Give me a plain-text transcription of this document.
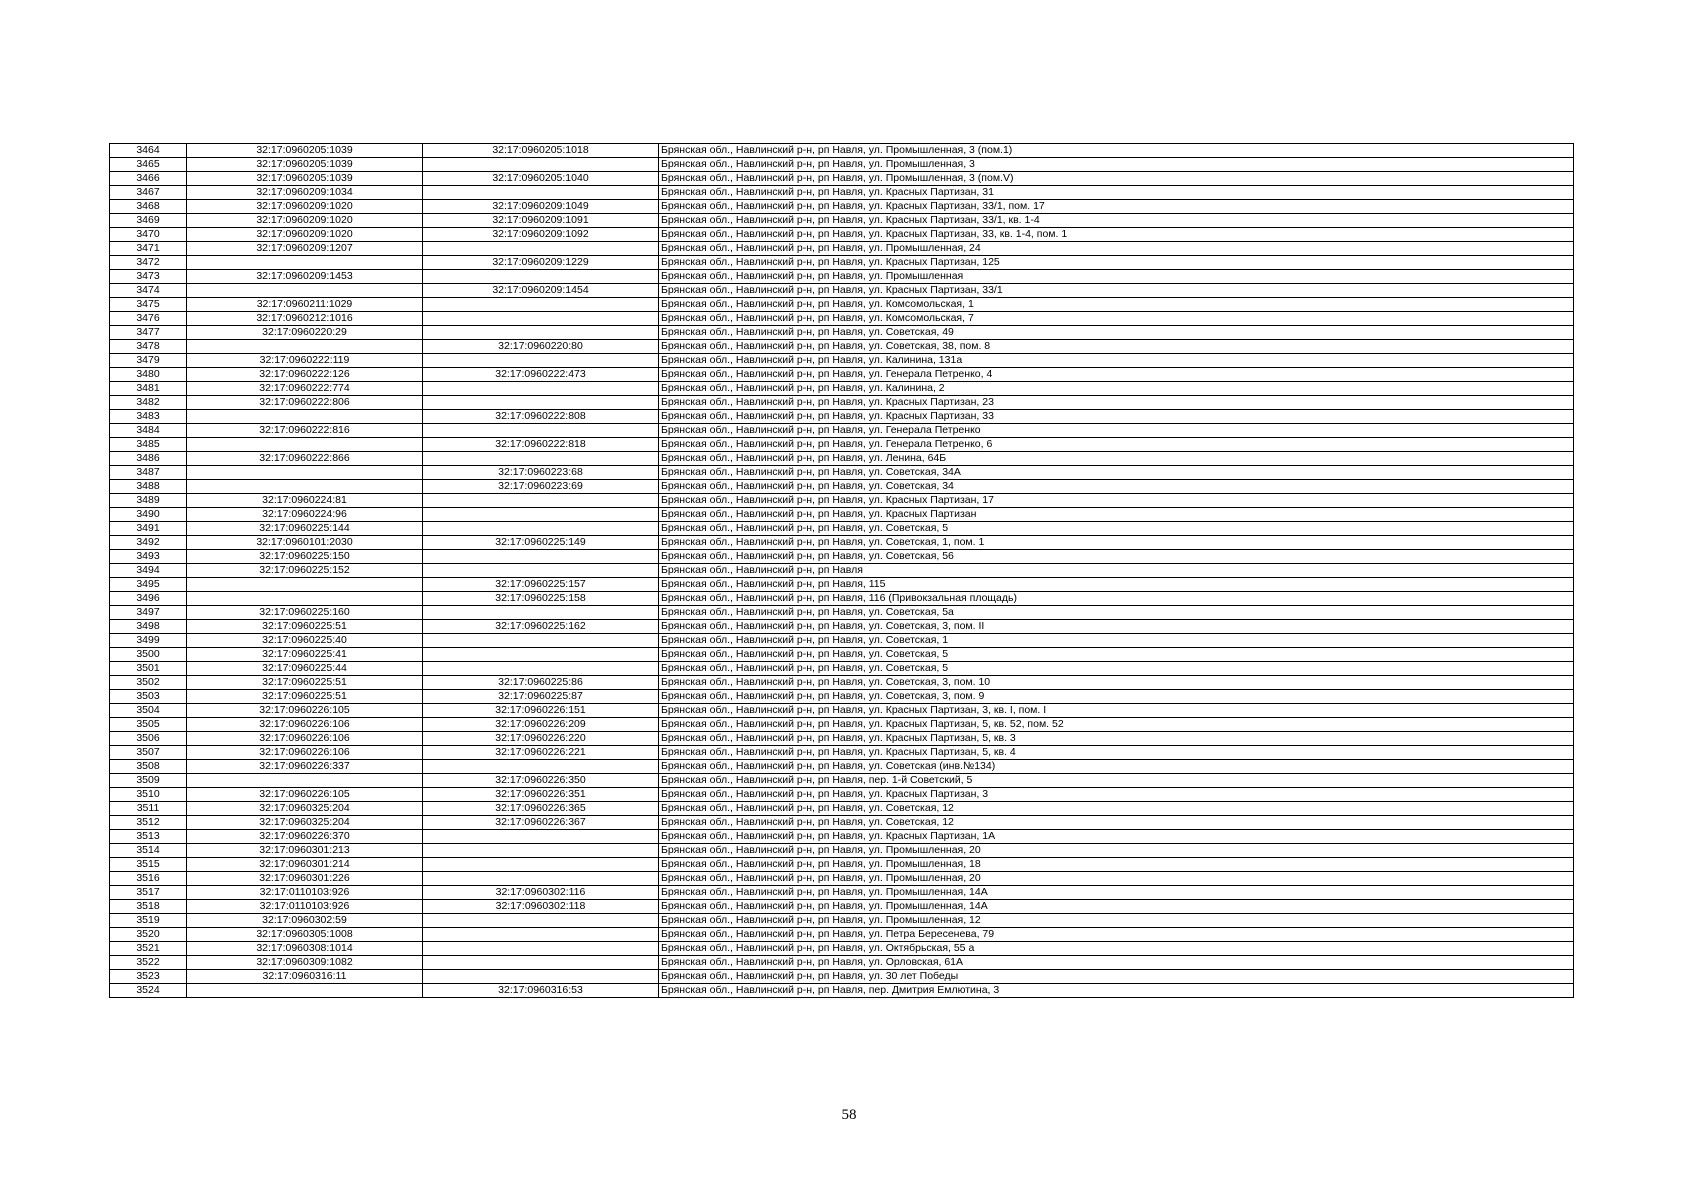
3464	32:17:0960205:1039	32:17:0960205:1018	Брянская обл., Навлинский р-н, рп Навля, ул. Промышленная, 3 (пом.1)
3465	32:17:0960205:1039		Брянская обл., Навлинский р-н, рп Навля, ул. Промышленная, 3
3466	32:17:0960205:1039	32:17:0960205:1040	Брянская обл., Навлинский р-н, рп Навля, ул. Промышленная, 3 (пом.V)
3467	32:17:0960209:1034		Брянская обл., Навлинский р-н, рп Навля, ул. Красных Партизан, 31
3468	32:17:0960209:1020	32:17:0960209:1049	Брянская обл., Навлинский р-н, рп Навля, ул. Красных Партизан, 33/1, пом. 17
3469	32:17:0960209:1020	32:17:0960209:1091	Брянская обл., Навлинский р-н, рп Навля, ул. Красных Партизан, 33/1, кв. 1-4
3470	32:17:0960209:1020	32:17:0960209:1092	Брянская обл., Навлинский р-н, рп Навля, ул. Красных Партизан, 33, кв. 1-4, пом. 1
3471	32:17:0960209:1207		Брянская обл., Навлинский р-н, рп Навля, ул. Промышленная, 24
3472		32:17:0960209:1229	Брянская обл., Навлинский р-н, рп Навля, ул. Красных Партизан, 125
3473	32:17:0960209:1453		Брянская обл., Навлинский р-н, рп Навля, ул. Промышленная
3474		32:17:0960209:1454	Брянская обл., Навлинский р-н, рп Навля, ул. Красных Партизан, 33/1
3475	32:17:0960211:1029		Брянская обл., Навлинский р-н, рп Навля, ул. Комсомольская, 1
3476	32:17:0960212:1016		Брянская обл., Навлинский р-н, рп Навля, ул. Комсомольская, 7
3477	32:17:0960220:29		Брянская обл., Навлинский р-н, рп Навля, ул. Советская, 49
3478		32:17:0960220:80	Брянская обл., Навлинский р-н, рп Навля, ул. Советская, 38, пом. 8
3479	32:17:0960222:119		Брянская обл., Навлинский р-н, рп Навля, ул. Калинина, 131а
3480	32:17:0960222:126	32:17:0960222:473	Брянская обл., Навлинский р-н, рп Навля, ул. Генерала Петренко, 4
3481	32:17:0960222:774		Брянская обл., Навлинский р-н, рп Навля, ул. Калинина, 2
3482	32:17:0960222:806		Брянская обл., Навлинский р-н, рп Навля, ул. Красных Партизан, 23
3483		32:17:0960222:808	Брянская обл., Навлинский р-н, рп Навля, ул. Красных Партизан, 33
3484	32:17:0960222:816		Брянская обл., Навлинский р-н, рп Навля, ул. Генерала Петренко
3485		32:17:0960222:818	Брянская обл., Навлинский р-н, рп Навля, ул. Генерала Петренко, 6
3486	32:17:0960222:866		Брянская обл., Навлинский р-н, рп Навля, ул. Ленина, 64Б
3487		32:17:0960223:68	Брянская обл., Навлинский р-н, рп Навля, ул. Советская, 34А
3488		32:17:0960223:69	Брянская обл., Навлинский р-н, рп Навля, ул. Советская, 34
3489	32:17:0960224:81		Брянская обл., Навлинский р-н, рп Навля, ул. Красных Партизан, 17
3490	32:17:0960224:96		Брянская обл., Навлинский р-н, рп Навля, ул. Красных Партизан
3491	32:17:0960225:144		Брянская обл., Навлинский р-н, рп Навля, ул. Советская, 5
3492	32:17:0960101:2030	32:17:0960225:149	Брянская обл., Навлинский р-н, рп Навля, ул. Советская, 1, пом. 1
3493	32:17:0960225:150		Брянская обл., Навлинский р-н, рп Навля, ул. Советская, 56
3494	32:17:0960225:152		Брянская обл., Навлинский р-н, рп Навля
3495		32:17:0960225:157	Брянская обл., Навлинский р-н, рп Навля, 115
3496		32:17:0960225:158	Брянская обл., Навлинский р-н, рп Навля, 116 (Привокзальная площадь)
3497	32:17:0960225:160		Брянская обл., Навлинский р-н, рп Навля, ул. Советская, 5а
3498	32:17:0960225:51	32:17:0960225:162	Брянская обл., Навлинский р-н, рп Навля, ул. Советская, 3, пом. II
3499	32:17:0960225:40		Брянская обл., Навлинский р-н, рп Навля, ул. Советская, 1
3500	32:17:0960225:41		Брянская обл., Навлинский р-н, рп Навля, ул. Советская, 5
3501	32:17:0960225:44		Брянская обл., Навлинский р-н, рп Навля, ул. Советская, 5
3502	32:17:0960225:51	32:17:0960225:86	Брянская обл., Навлинский р-н, рп Навля, ул. Советская, 3, пом. 10
3503	32:17:0960225:51	32:17:0960225:87	Брянская обл., Навлинский р-н, рп Навля, ул. Советская, 3, пом. 9
3504	32:17:0960226:105	32:17:0960226:151	Брянская обл., Навлинский р-н, рп Навля, ул. Красных Партизан, 3, кв. I, пом. I
3505	32:17:0960226:106	32:17:0960226:209	Брянская обл., Навлинский р-н, рп Навля, ул. Красных Партизан, 5, кв. 52, пом. 52
3506	32:17:0960226:106	32:17:0960226:220	Брянская обл., Навлинский р-н, рп Навля, ул. Красных Партизан, 5, кв. 3
3507	32:17:0960226:106	32:17:0960226:221	Брянская обл., Навлинский р-н, рп Навля, ул. Красных Партизан, 5, кв. 4
3508	32:17:0960226:337		Брянская обл., Навлинский р-н, рп Навля, ул. Советская (инв.№134)
3509		32:17:0960226:350	Брянская обл., Навлинский р-н, рп Навля, пер. 1-й Советский, 5
3510	32:17:0960226:105	32:17:0960226:351	Брянская обл., Навлинский р-н, рп Навля, ул. Красных Партизан, 3
3511	32:17:0960325:204	32:17:0960226:365	Брянская обл., Навлинский р-н, рп Навля, ул. Советская, 12
3512	32:17:0960325:204	32:17:0960226:367	Брянская обл., Навлинский р-н, рп Навля, ул. Советская, 12
3513	32:17:0960226:370		Брянская обл., Навлинский р-н, рп Навля, ул. Красных Партизан, 1А
3514	32:17:0960301:213		Брянская обл., Навлинский р-н, рп Навля, ул. Промышленная, 20
3515	32:17:0960301:214		Брянская обл., Навлинский р-н, рп Навля, ул. Промышленная, 18
3516	32:17:0960301:226		Брянская обл., Навлинский р-н, рп Навля, ул. Промышленная, 20
3517	32:17:0110103:926	32:17:0960302:116	Брянская обл., Навлинский р-н, рп Навля, ул. Промышленная, 14А
3518	32:17:0110103:926	32:17:0960302:118	Брянская обл., Навлинский р-н, рп Навля, ул. Промышленная, 14А
3519	32:17:0960302:59		Брянская обл., Навлинский р-н, рп Навля, ул. Промышленная, 12
3520	32:17:0960305:1008		Брянская обл., Навлинский р-н, рп Навля, ул. Петра Бересенева, 79
3521	32:17:0960308:1014		Брянская обл., Навлинский р-н, рп Навля, ул. Октябрьская, 55 а
3522	32:17:0960309:1082		Брянская обл., Навлинский р-н, рп Навля, ул. Орловская, 61А
3523	32:17:0960316:11		Брянская обл., Навлинский р-н, рп Навля, ул. 30 лет Победы
3524		32:17:0960316:53	Брянская обл., Навлинский р-н, рп Навля, пер. Дмитрия Емлютина, 3
58
